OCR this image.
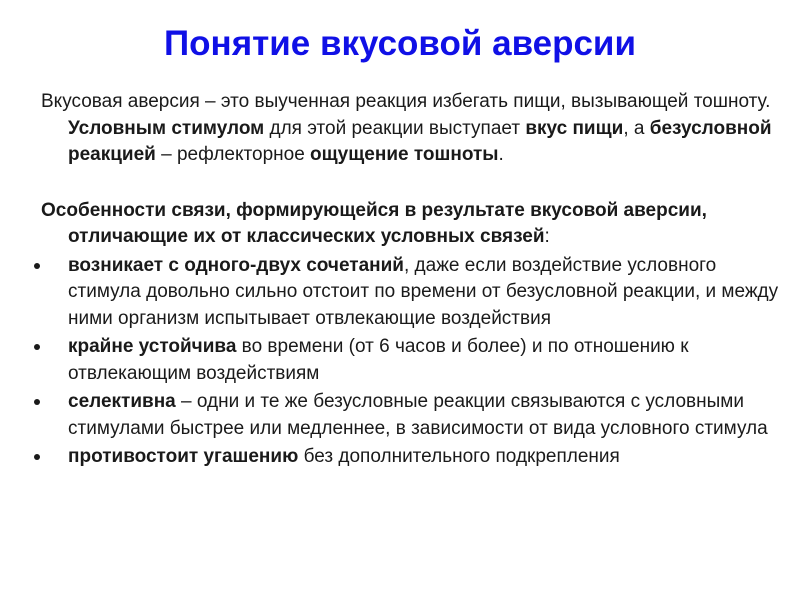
Понятие вкусовой аверсии
Вкусовая аверсия – это выученная реакция избегать пищи, вызывающей тошноту. Условным стимулом для этой реакции выступает вкус пищи, а безусловной реакцией – рефлекторное ощущение тошноты.
Особенности связи, формирующейся в результате вкусовой аверсии, отличающие их от классических условных связей:
возникает с одного-двух сочетаний, даже если воздействие условного стимула довольно сильно отстоит по времени от безусловной реакции, и между ними организм испытывает отвлекающие воздействия
крайне устойчива во времени (от 6 часов и более) и по отношению к отвлекающим воздействиям
селективна – одни и те же безусловные реакции связываются с условными стимулами быстрее или медленнее, в зависимости от вида условного стимула
противостоит угашению без дополнительного подкрепления
